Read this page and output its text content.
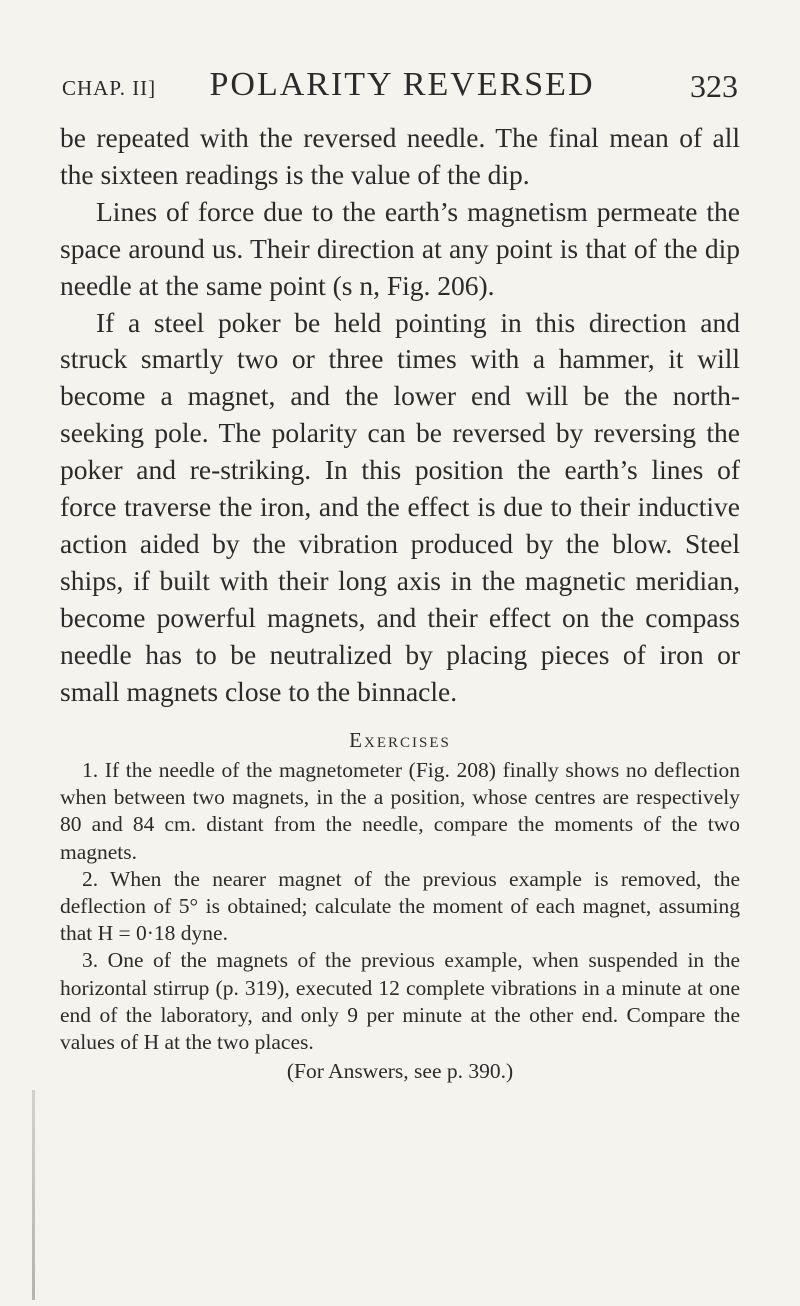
CHAP. II]	POLARITY REVERSED	323

be repeated with the reversed needle. The final mean of all the sixteen readings is the value of the dip.

Lines of force due to the earth’s magnetism permeate the space around us. Their direction at any point is that of the dip needle at the same point (s n, Fig. 206).

If a steel poker be held pointing in this direction and struck smartly two or three times with a hammer, it will become a magnet, and the lower end will be the north-seeking pole. The polarity can be reversed by reversing the poker and re-striking. In this position the earth’s lines of force traverse the iron, and the effect is due to their inductive action aided by the vibration produced by the blow. Steel ships, if built with their long axis in the magnetic meridian, become powerful magnets, and their effect on the compass needle has to be neutralized by placing pieces of iron or small magnets close to the binnacle.

Exercises

1. If the needle of the magnetometer (Fig. 208) finally shows no deflection when between two magnets, in the a position, whose centres are respectively 80 and 84 cm. distant from the needle, compare the moments of the two magnets.

2. When the nearer magnet of the previous example is removed, the deflection of 5° is obtained; calculate the moment of each magnet, assuming that H = 0·18 dyne.

3. One of the magnets of the previous example, when suspended in the horizontal stirrup (p. 319), executed 12 complete vibrations in a minute at one end of the laboratory, and only 9 per minute at the other end. Compare the values of H at the two places.

(For Answers, see p. 390.)
